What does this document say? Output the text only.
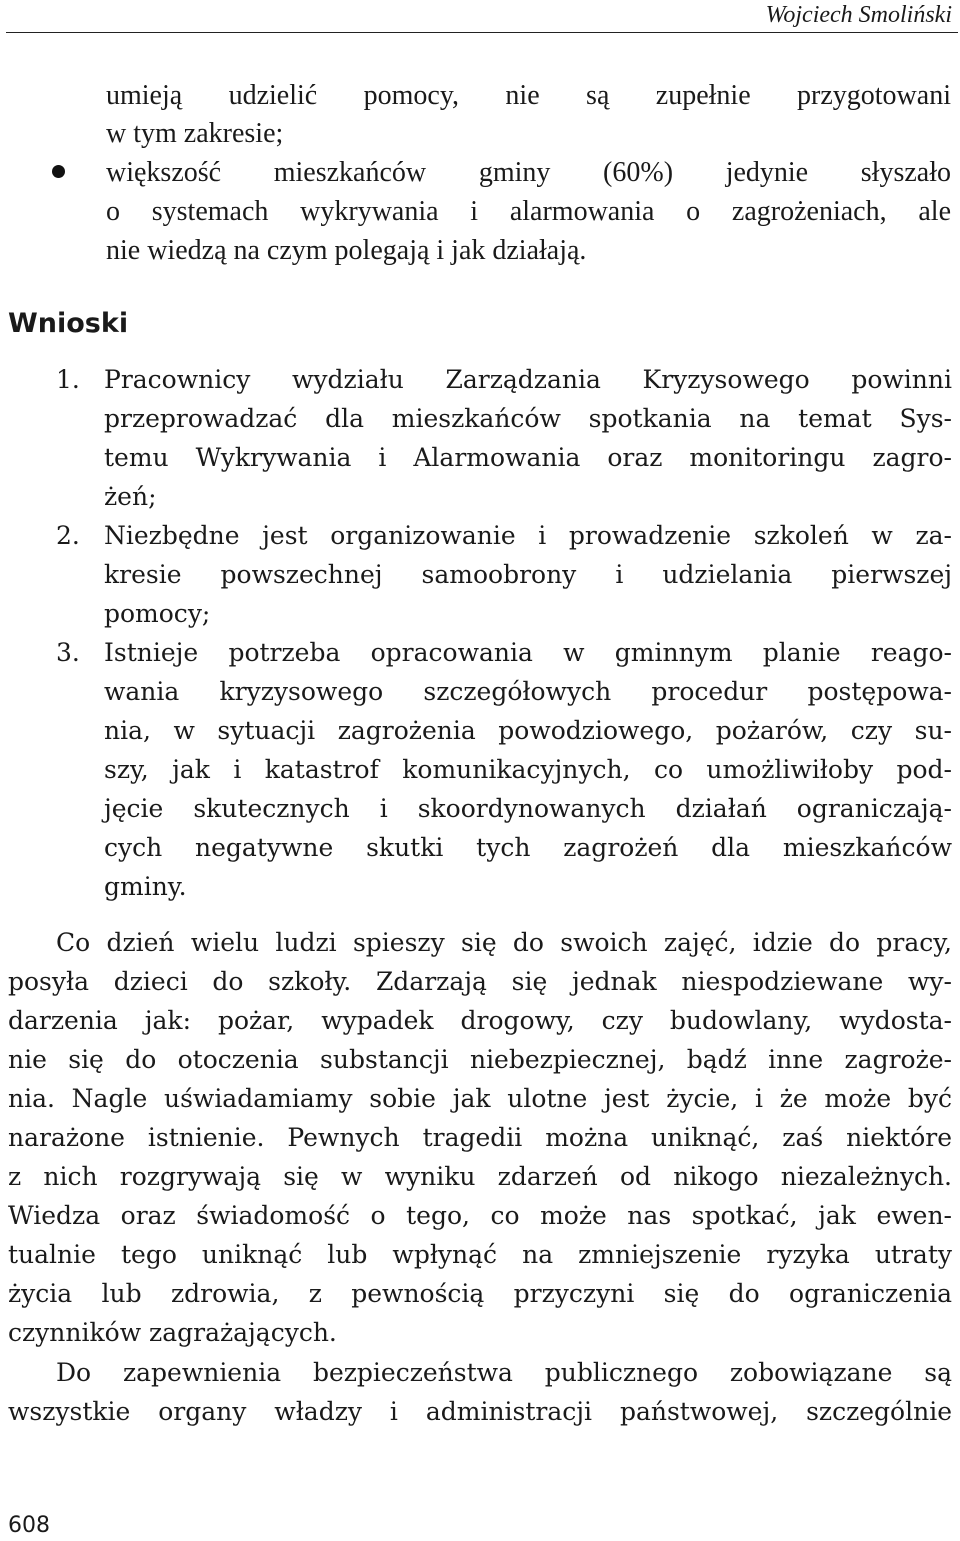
Wojciech Smoliński

umieją udzielić pomocy, nie są zupełnie przygotowani

w tym zakresie;

większość mieszkańców gminy (60%) jedynie słyszało

o systemach wykrywania i alarmowania o zagrożeniach, ale

nie wiedzą na czym polegają i jak działają.

Wnioski
1. Pracownicy wydziału Zarządzania Kryzysowego powinni

przeprowadzać dla mieszkańców spotkania na temat Sys-

temu Wykrywania i Alarmowania oraz monitoringu zagro-

żeń;

2. Niezbędne jest organizowanie i prowadzenie szkoleń w za-

kresie powszechnej samoobrony i udzielania pierwszej

pomocy;

3. Istnieje potrzeba opracowania w gminnym planie reago-

wania kryzysowego szczegółowych procedur postępowa-

nia, w sytuacji zagrożenia powodziowego, pożarów, czy su-

szy, jak i katastrof komunikacyjnych, co umożliwiłoby pod-

jęcie skutecznych i skoordynowanych działań ograniczają-

cych negatywne skutki tych zagrożeń dla mieszkańców

gminy.

Co dzień wielu ludzi spieszy się do swoich zajęć, idzie do pracy,

posyła dzieci do szkoły. Zdarzają się jednak niespodziewane wy-

darzenia jak: pożar, wypadek drogowy, czy budowlany, wydosta-

nie się do otoczenia substancji niebezpiecznej, bądź inne zagroże-

nia. Nagle uświadamiamy sobie jak ulotne jest życie, i że może być

narażone istnienie. Pewnych tragedii można uniknąć, zaś niektóre

z nich rozgrywają się w wyniku zdarzeń od nikogo niezależnych.

Wiedza oraz świadomość o tego, co może nas spotkać, jak ewen-

tualnie tego uniknąć lub wpłynąć na zmniejszenie ryzyka utraty

życia lub zdrowia, z pewnością przyczyni się do ograniczenia

czynników zagrażających.

Do zapewnienia bezpieczeństwa publicznego zobowiązane są

wszystkie organy władzy i administracji państwowej, szczególnie

608
